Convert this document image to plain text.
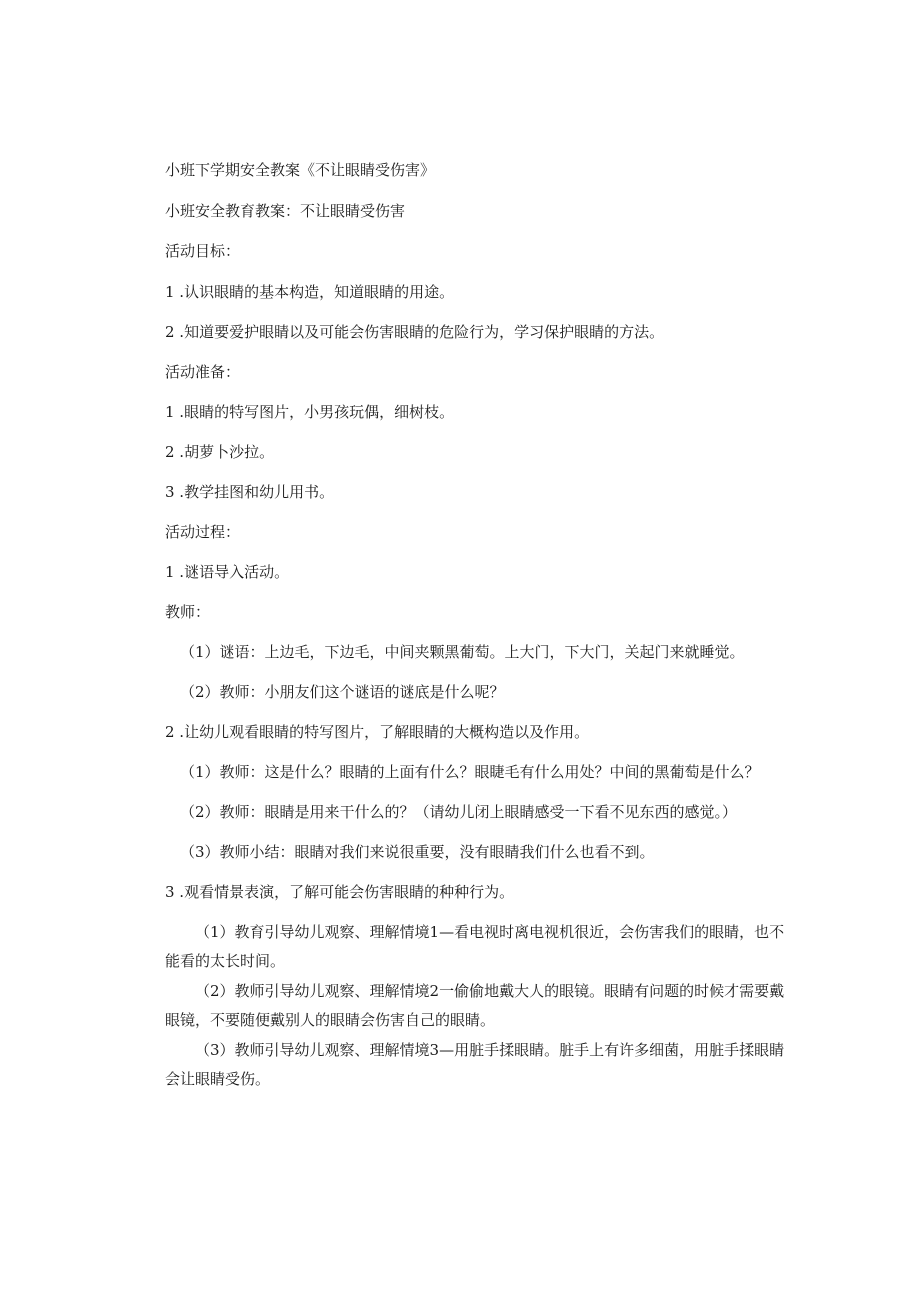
小班下学期安全教案《不让眼睛受伤害》
小班安全教育教案：不让眼睛受伤害
活动目标：
1 .认识眼睛的基本构造，知道眼睛的用途。
2 .知道要爱护眼睛以及可能会伤害眼睛的危险行为，学习保护眼睛的方法。
活动准备：
1 .眼睛的特写图片，小男孩玩偶，细树枝。
2 .胡萝卜沙拉。
3 .教学挂图和幼儿用书。
活动过程：
1 .谜语导入活动。
教师：
（1）谜语：上边毛，下边毛，中间夹颗黑葡萄。上大门，下大门，关起门来就睡觉。
（2）教师：小朋友们这个谜语的谜底是什么呢？
2 .让幼儿观看眼睛的特写图片，了解眼睛的大概构造以及作用。
（1）教师：这是什么？眼睛的上面有什么？眼睫毛有什么用处？中间的黑葡萄是什么？
（2）教师：眼睛是用来干什么的？（请幼儿闭上眼睛感受一下看不见东西的感觉。）
（3）教师小结：眼睛对我们来说很重要，没有眼睛我们什么也看不到。
3 .观看情景表演，了解可能会伤害眼睛的种种行为。
（1）教育引导幼儿观察、理解情境1—看电视时离电视机很近，会伤害我们的眼睛，也不能看的太长时间。
（2）教师引导幼儿观察、理解情境2一偷偷地戴大人的眼镜。眼睛有问题的时候才需要戴眼镜，不要随便戴别人的眼睛会伤害自己的眼睛。
（3）教师引导幼儿观察、理解情境3—用脏手揉眼睛。脏手上有许多细菌，用脏手揉眼睛会让眼睛受伤。
